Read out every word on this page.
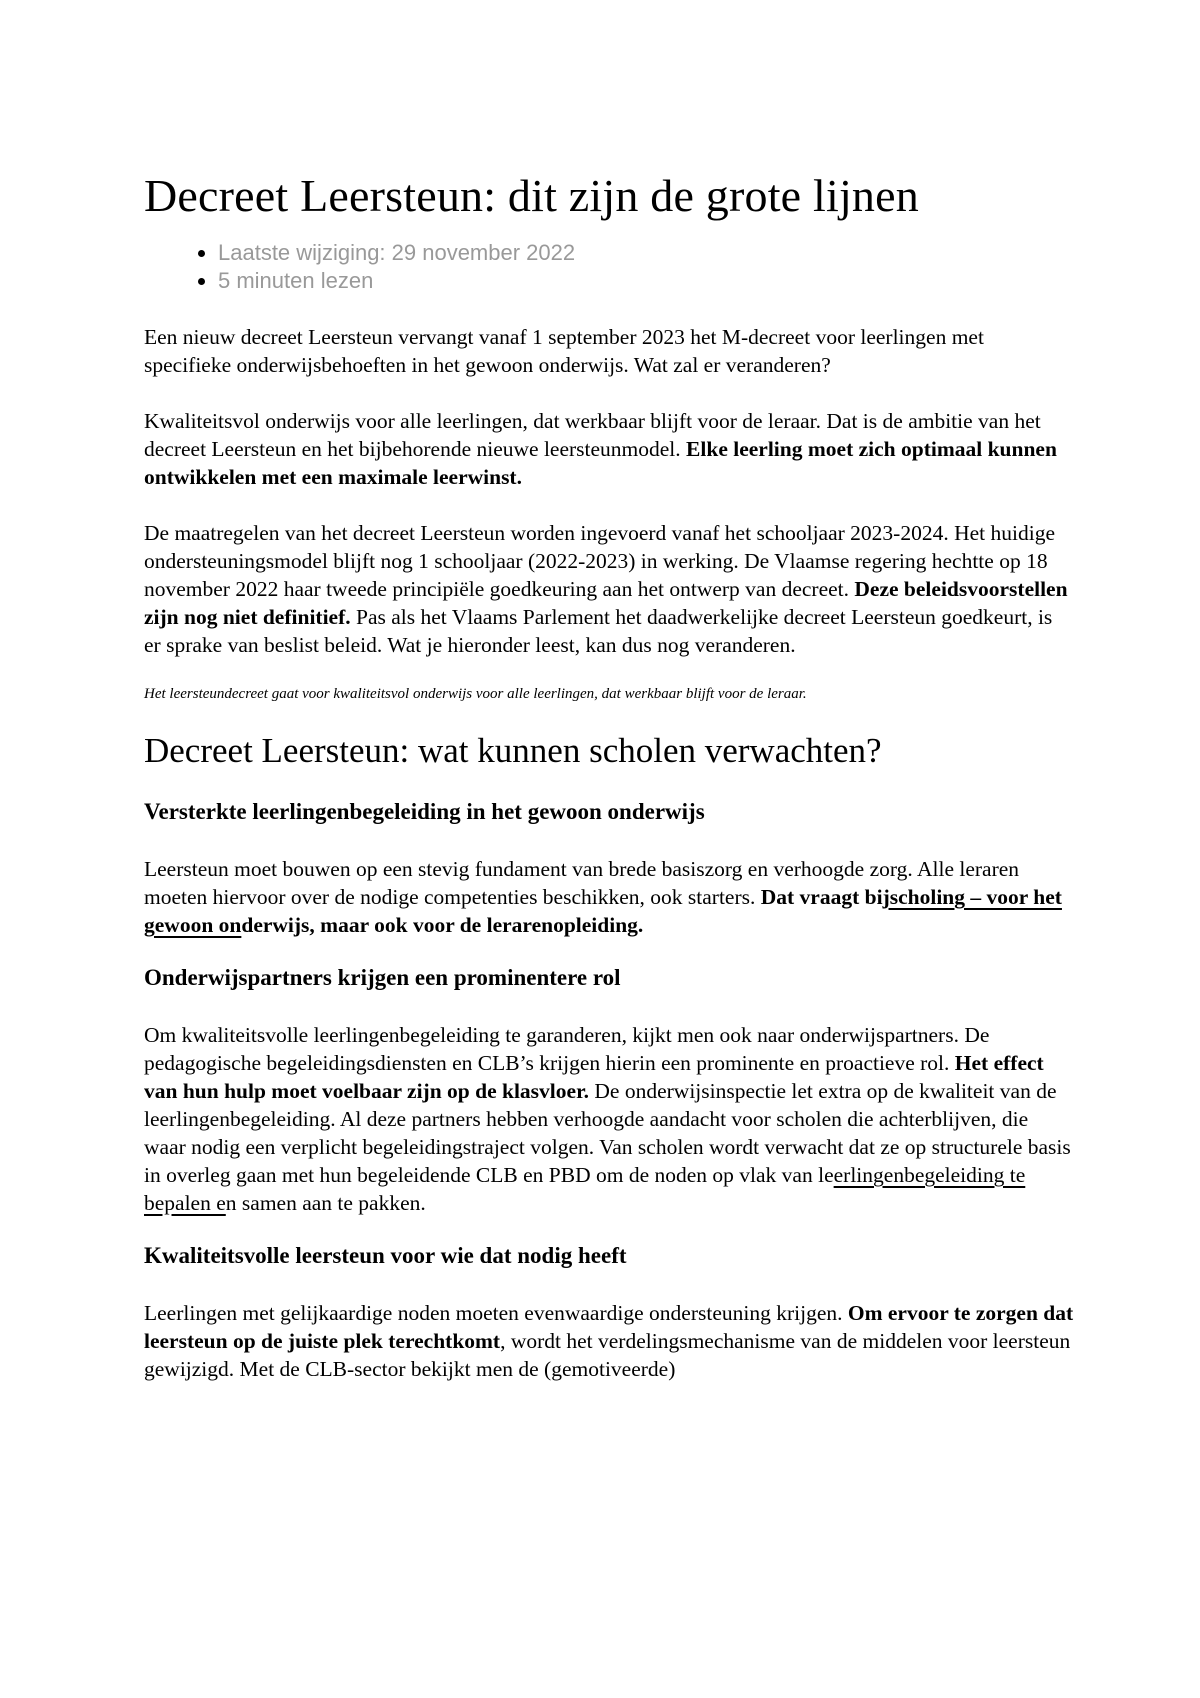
Decreet Leersteun: dit zijn de grote lijnen
• Laatste wijziging: 29 november 2022
• 5 minuten lezen

Een nieuw decreet Leersteun vervangt vanaf 1 september 2023 het M-decreet voor leerlingen met specifieke onderwijsbehoeften in het gewoon onderwijs. Wat zal er veranderen?

Kwaliteitsvol onderwijs voor alle leerlingen, dat werkbaar blijft voor de leraar. Dat is de ambitie van het decreet Leersteun en het bijbehorende nieuwe leersteunmodel. Elke leerling moet zich optimaal kunnen ontwikkelen met een maximale leerwinst.

De maatregelen van het decreet Leersteun worden ingevoerd vanaf het schooljaar 2023-2024. Het huidige ondersteuningsmodel blijft nog 1 schooljaar (2022-2023) in werking. De Vlaamse regering hechtte op 18 november 2022 haar tweede principiële goedkeuring aan het ontwerp van decreet. Deze beleidsvoorstellen zijn nog niet definitief. Pas als het Vlaams Parlement het daadwerkelijke decreet Leersteun goedkeurt, is er sprake van beslist beleid. Wat je hieronder leest, kan dus nog veranderen.

Het leersteundecreet gaat voor kwaliteitsvol onderwijs voor alle leerlingen, dat werkbaar blijft voor de leraar.

Decreet Leersteun: wat kunnen scholen verwachten?
Versterkte leerlingenbegeleiding in het gewoon onderwijs

Leersteun moet bouwen op een stevig fundament van brede basiszorg en verhoogde zorg. Alle leraren moeten hiervoor over de nodige competenties beschikken, ook starters. Dat vraagt bijscholing – voor het gewoon onderwijs, maar ook voor de lerarenopleiding.

Onderwijspartners krijgen een prominentere rol

Om kwaliteitsvolle leerlingenbegeleiding te garanderen, kijkt men ook naar onderwijspartners. De pedagogische begeleidingsdiensten en CLB’s krijgen hierin een prominente en proactieve rol. Het effect van hun hulp moet voelbaar zijn op de klasvloer. De onderwijsinspectie let extra op de kwaliteit van de leerlingenbegeleiding. Al deze partners hebben verhoogde aandacht voor scholen die achterblijven, die waar nodig een verplicht begeleidingstraject volgen. Van scholen wordt verwacht dat ze op structurele basis in overleg gaan met hun begeleidende CLB en PBD om de noden op vlak van leerlingenbegeleiding te bepalen en samen aan te pakken.

Kwaliteitsvolle leersteun voor wie dat nodig heeft

Leerlingen met gelijkaardige noden moeten evenwaardige ondersteuning krijgen. Om ervoor te zorgen dat leersteun op de juiste plek terechtkomt, wordt het verdelingsmechanisme van de middelen voor leersteun gewijzigd. Met de CLB-sector bekijkt men de (gemotiveerde)
